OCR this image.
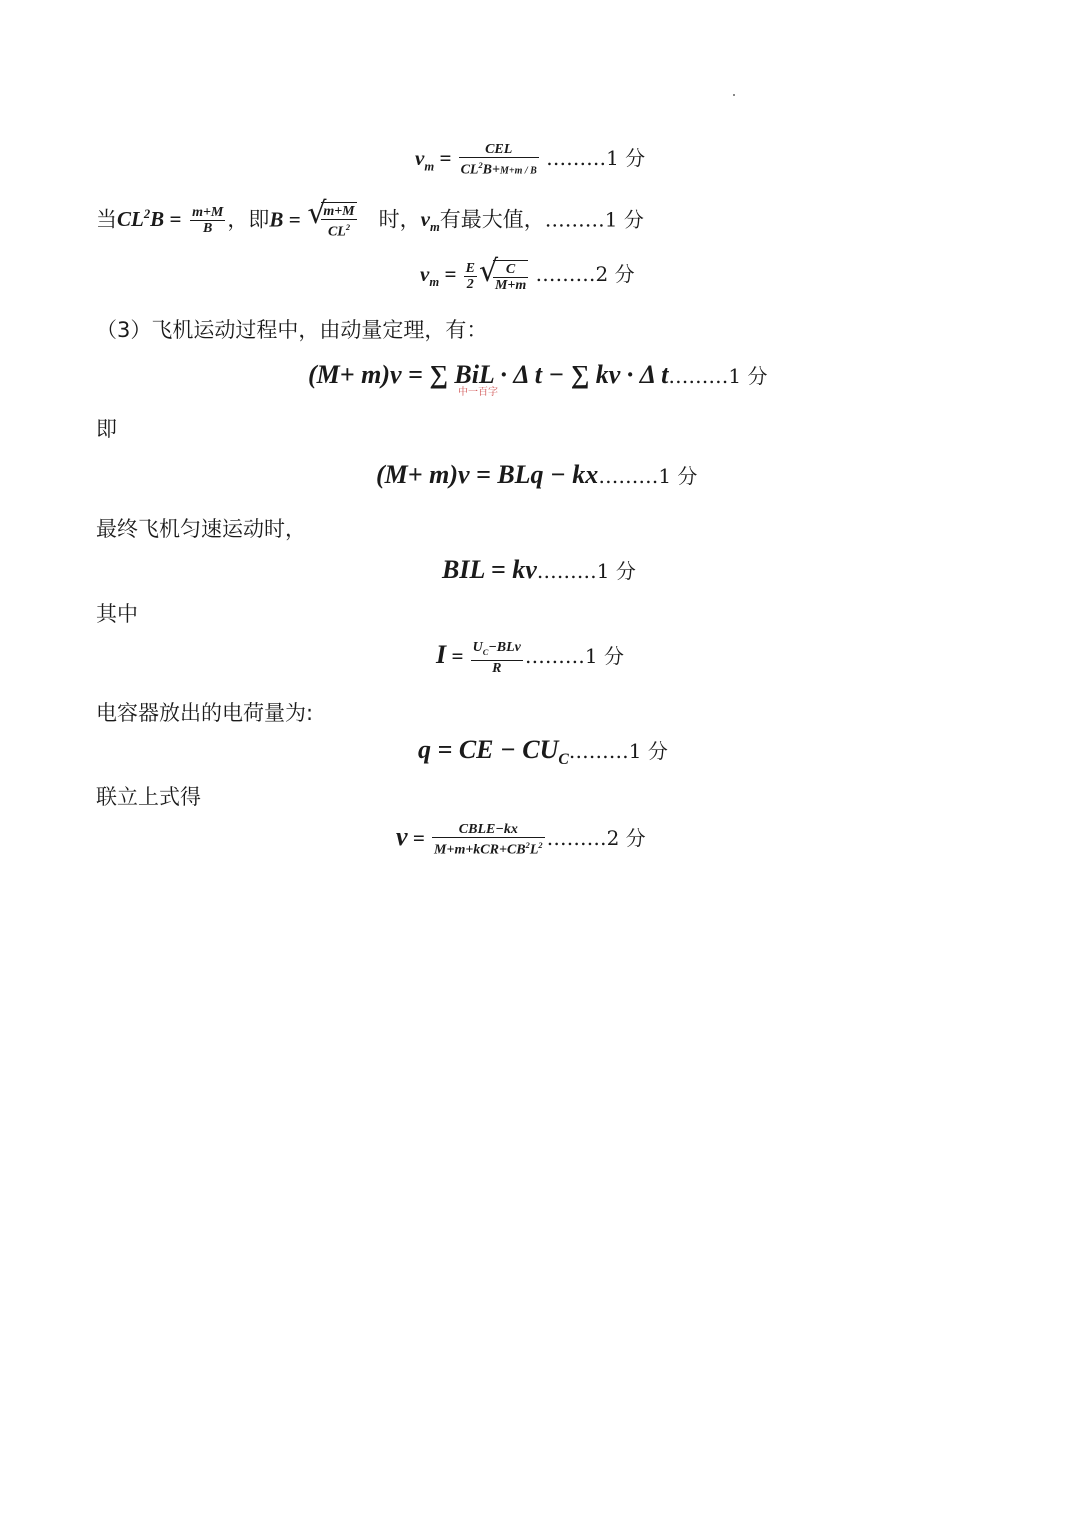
$v_m = \frac{\text{CEL}}{CL^2B+M+m / B}$ ………1 分
当$CL^2B = \frac{m+M}{B}$ ，即B = √ $\frac{m+M}{CL^2}$ 时，$v_m$有最大值，………1 分
$v_m = \frac{E}{2}$ √ $\frac{C}{M+m}$ ………2 分
（3）飞机运动过程中，由动量定理，有：
(M+ m)v = ∑ BiL · Δ t − ∑ kv · Δ t………1 分
中一百字
即
(M+ m)v = BLq − kx………1 分
最终飞机匀速运动时，
BIL = kv………1 分
其中
$I = \frac{U_C-BLv}{R}$ ………1 分
电容器放出的电荷量为:
q = CE − $CU_C\dots\dots\dots 1$ 分
联立上式得
$v = \frac{\text{CBLE−kx}}{M+m+kCR+CB^2L^2}$ ………2 分
